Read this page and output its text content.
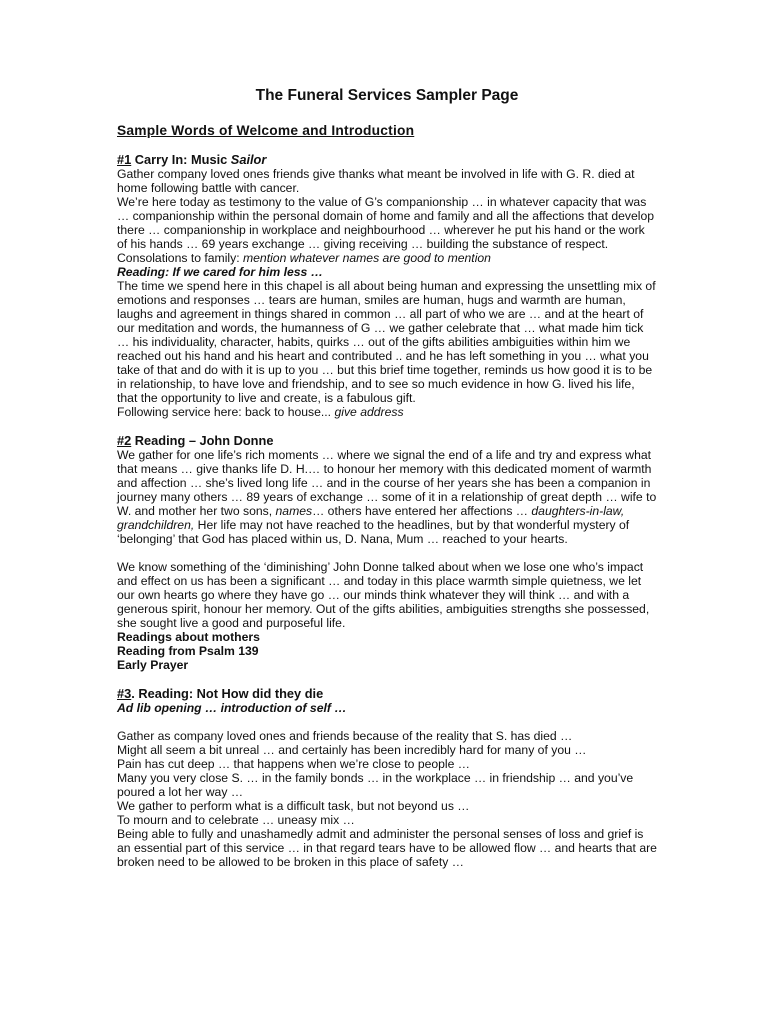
The Funeral Services Sampler Page
Sample Words of Welcome and Introduction
#1 Carry In: Music Sailor

Gather company loved ones friends give thanks what meant be involved in life with G. R. died at home following battle with cancer.

We’re here today as testimony to the value of G’s companionship … in whatever capacity that was … companionship within the personal domain of home and family and all the affections that develop there … companionship in workplace and neighbourhood … wherever he put his hand or the work of his hands … 69 years exchange … giving receiving … building the substance of respect.

Consolations to family: mention whatever names are good to mention

Reading: If we cared for him less …

The time we spend here in this chapel is all about being human and expressing the unsettling mix of emotions and responses … tears are human, smiles are human, hugs and warmth are human, laughs and agreement in things shared in common … all part of who we are … and at the heart of our meditation and words, the humanness of G … we gather celebrate that … what made him tick … his individuality, character, habits, quirks … out of the gifts abilities ambiguities within him we reached out his hand and his heart and contributed .. and he has left something in you … what you take of that and do with it is up to you … but this brief time together, reminds us how good it is to be in relationship, to have love and friendship, and to see so much evidence in how G. lived his life, that the opportunity to live and create, is a fabulous gift.

Following service here: back to house... give address

#2 Reading – John Donne

We gather for one life’s rich moments … where we signal the end of a life and try and express what that means … give thanks life D. H.… to honour her memory with this dedicated moment of warmth and affection … she’s lived long life … and in the course of her years she has been a companion in journey many others … 89 years of exchange … some of it in a relationship of great depth … wife to W. and mother her two sons, names… others have entered her affections … daughters-in-law, grandchildren, Her life may not have reached to the headlines, but by that wonderful mystery of ‘belonging’ that God has placed within us, D. Nana, Mum … reached to your hearts.

We know something of the ‘diminishing’ John Donne talked about when we lose one who’s impact and effect on us has been a significant … and today in this place warmth simple quietness, we let our own hearts go where they have go … our minds think whatever they will think … and with a generous spirit, honour her memory. Out of the gifts abilities, ambiguities strengths she possessed, she sought live a good and purposeful life.

Readings about mothers

Reading from Psalm 139

Early Prayer

#3. Reading: Not How did they die

Ad lib opening … introduction of self …

Gather as company loved ones and friends because of the reality that S. has died …

Might all seem a bit unreal … and certainly has been incredibly hard for many of you …

Pain has cut deep … that happens when we’re close to people …

Many you very close S. … in the family bonds … in the workplace … in friendship … and you’ve poured a lot her way …

We gather to perform what is a difficult task, but not beyond us …

To mourn and to celebrate … uneasy mix …

Being able to fully and unashamedly admit and administer the personal senses of loss and grief is an essential part of this service … in that regard tears have to be allowed flow … and hearts that are broken need to be allowed to be broken in this place of safety …
